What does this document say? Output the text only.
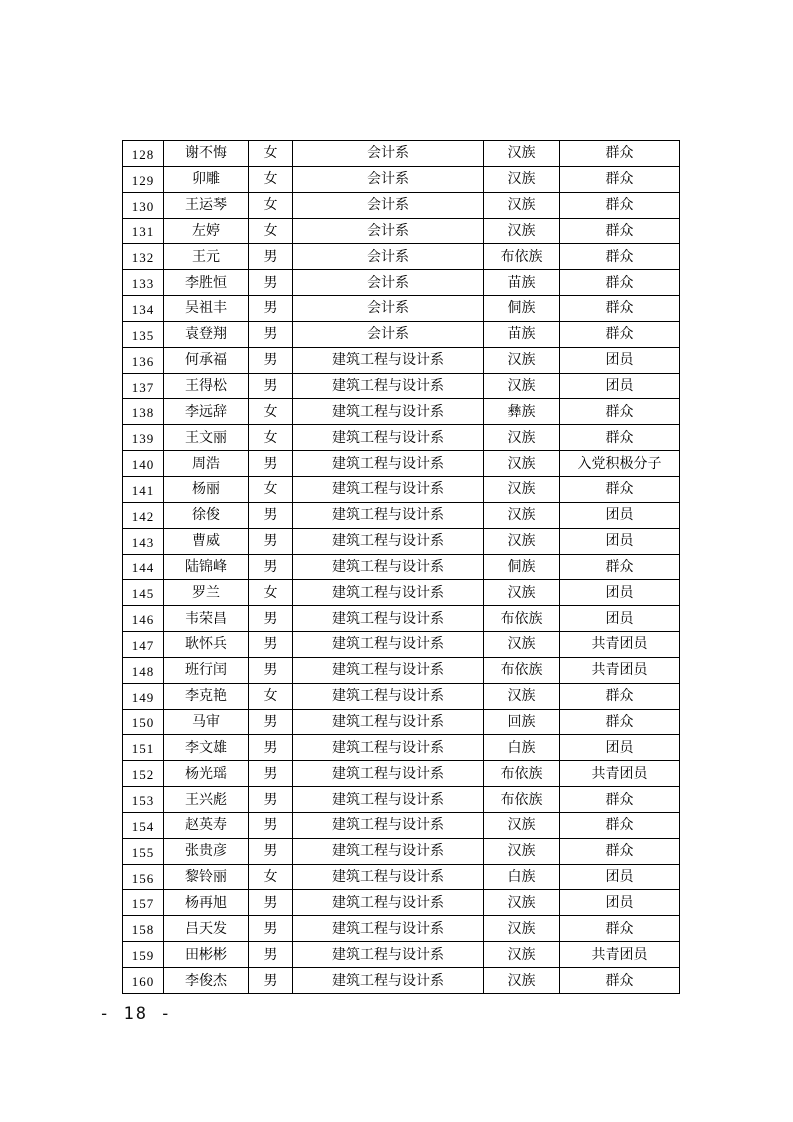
128	谢不悔	女	会计系	汉族	群众
129	卯雕	女	会计系	汉族	群众
130	王运琴	女	会计系	汉族	群众
131	左婷	女	会计系	汉族	群众
132	王元	男	会计系	布依族	群众
133	李胜恒	男	会计系	苗族	群众
134	吴祖丰	男	会计系	侗族	群众
135	袁登翔	男	会计系	苗族	群众
136	何承福	男	建筑工程与设计系	汉族	团员
137	王得松	男	建筑工程与设计系	汉族	团员
138	李远辞	女	建筑工程与设计系	彝族	群众
139	王文丽	女	建筑工程与设计系	汉族	群众
140	周浩	男	建筑工程与设计系	汉族	入党积极分子
141	杨丽	女	建筑工程与设计系	汉族	群众
142	徐俊	男	建筑工程与设计系	汉族	团员
143	曹威	男	建筑工程与设计系	汉族	团员
144	陆锦峰	男	建筑工程与设计系	侗族	群众
145	罗兰	女	建筑工程与设计系	汉族	团员
146	韦荣昌	男	建筑工程与设计系	布依族	团员
147	耿怀兵	男	建筑工程与设计系	汉族	共青团员
148	班行闰	男	建筑工程与设计系	布依族	共青团员
149	李克艳	女	建筑工程与设计系	汉族	群众
150	马审	男	建筑工程与设计系	回族	群众
151	李文雄	男	建筑工程与设计系	白族	团员
152	杨光瑶	男	建筑工程与设计系	布依族	共青团员
153	王兴彪	男	建筑工程与设计系	布依族	群众
154	赵英寿	男	建筑工程与设计系	汉族	群众
155	张贵彦	男	建筑工程与设计系	汉族	群众
156	黎铃丽	女	建筑工程与设计系	白族	团员
157	杨再旭	男	建筑工程与设计系	汉族	团员
158	吕天发	男	建筑工程与设计系	汉族	群众
159	田彬彬	男	建筑工程与设计系	汉族	共青团员
160	李俊杰	男	建筑工程与设计系	汉族	群众
- 18 -
